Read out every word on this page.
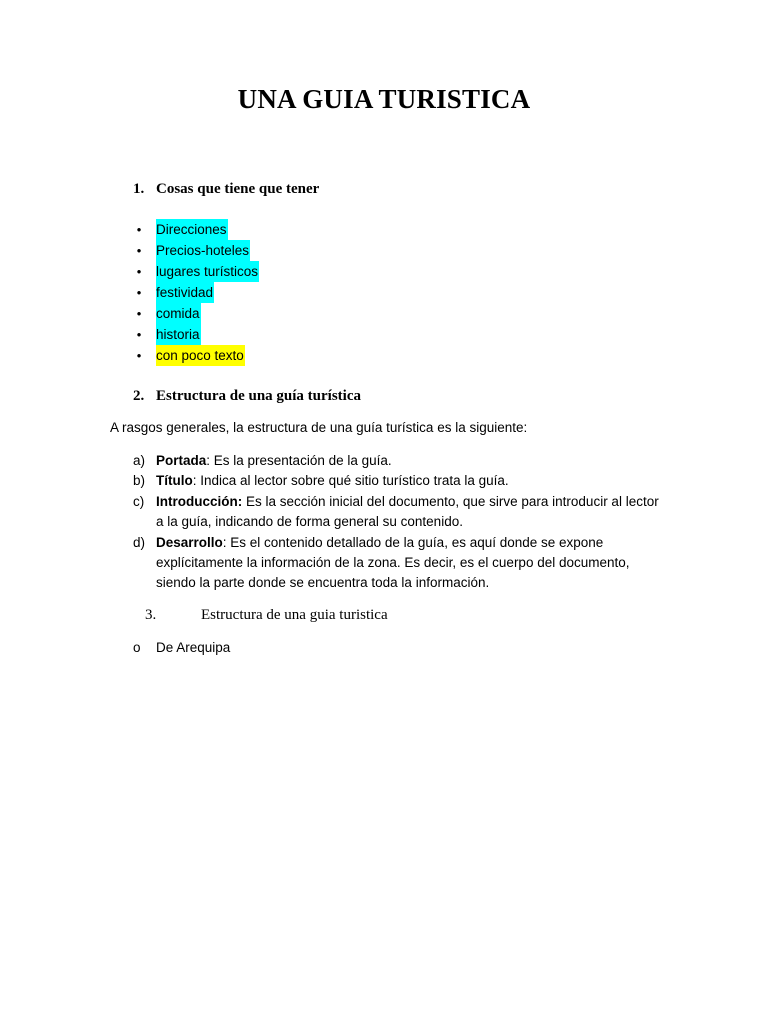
UNA GUIA TURISTICA
1. Cosas que tiene que tener
• Direcciones
• Precios-hoteles
• lugares turísticos
• festividad
• comida
• historia
• con poco texto
2. Estructura de una guía turística

A rasgos generales, la estructura de una guía turística es la siguiente:

a) Portada: Es la presentación de la guía.
b) Título: Indica al lector sobre qué sitio turístico trata la guía.
c) Introducción: Es la sección inicial del documento, que sirve para introducir al lector a la guía, indicando de forma general su contenido.
d) Desarrollo: Es el contenido detallado de la guía, es aquí donde se expone explícitamente la información de la zona. Es decir, es el cuerpo del documento, siendo la parte donde se encuentra toda la información.
3.	Estructura de una guia turistica
o De Arequipa
